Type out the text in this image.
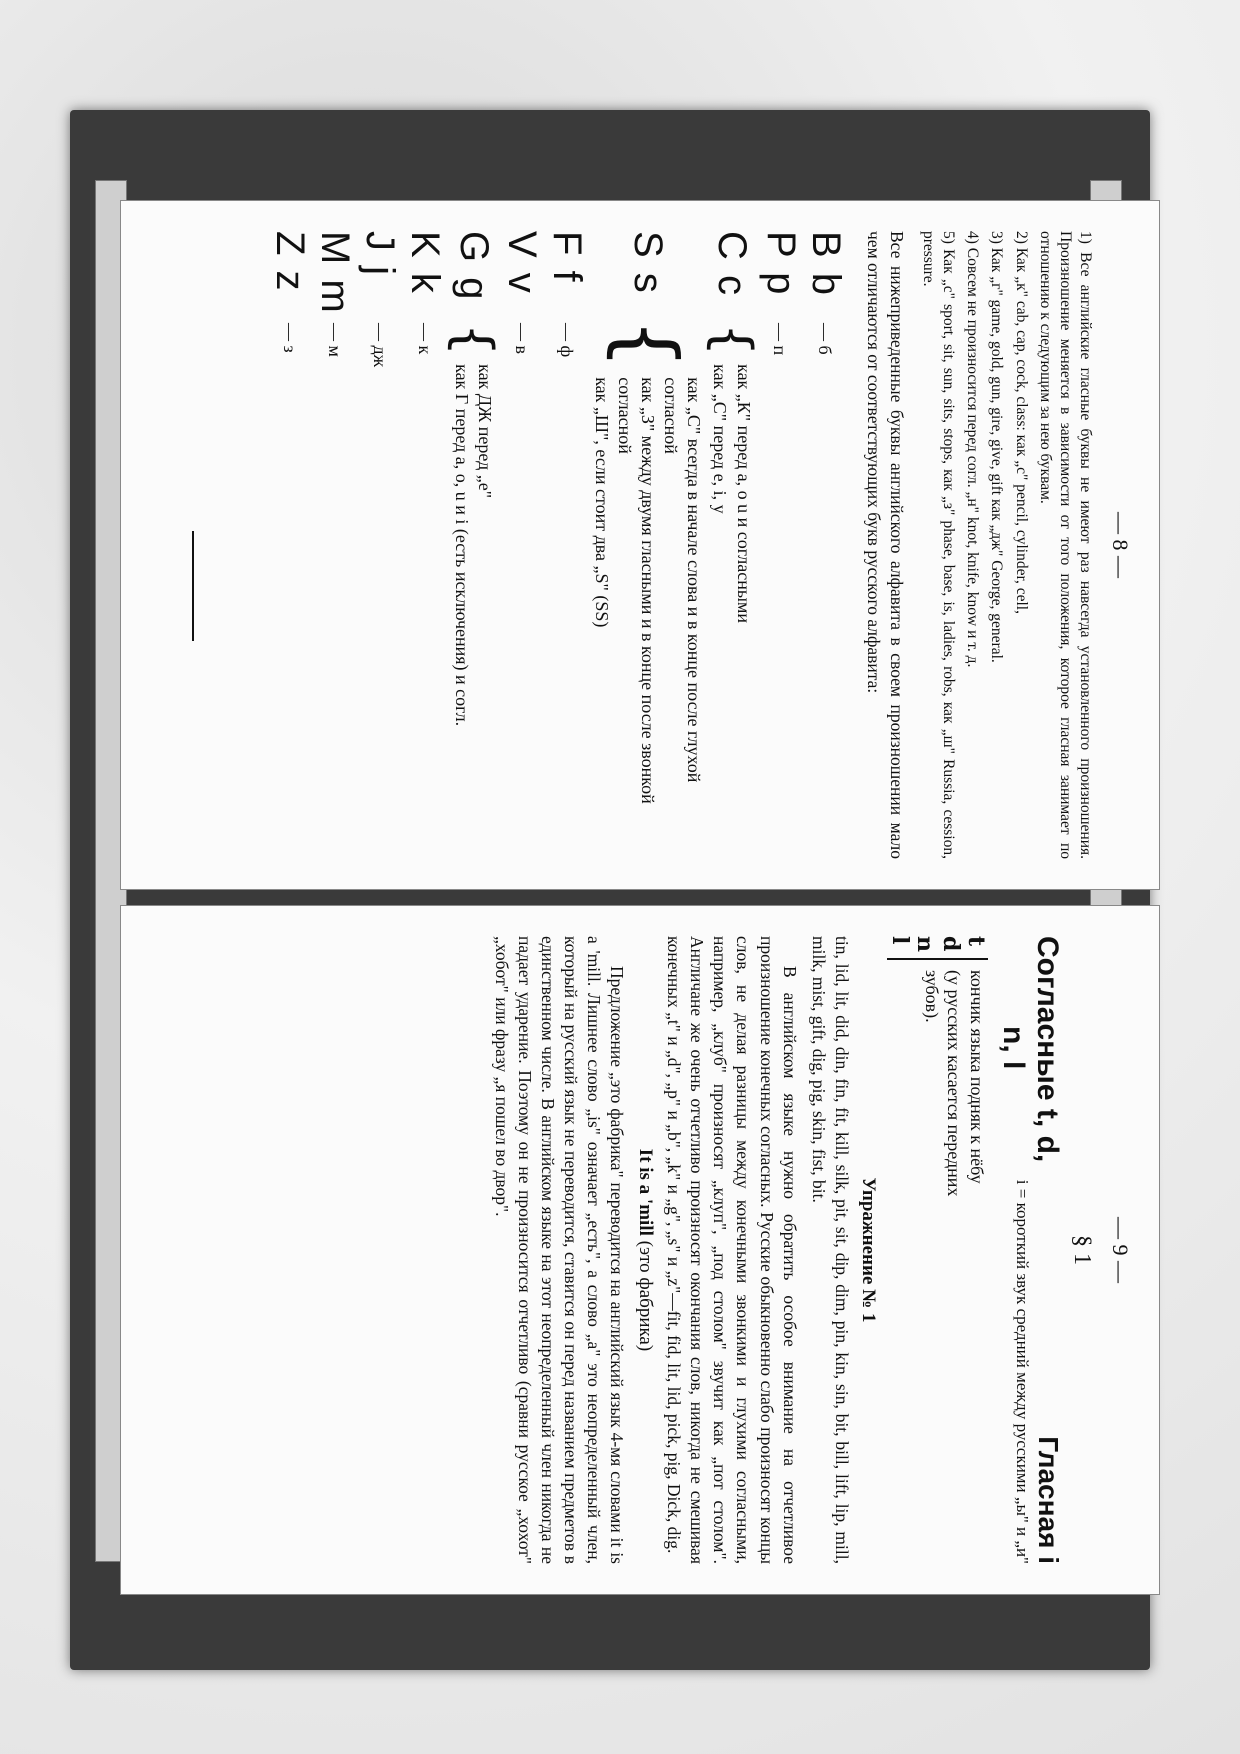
— 8 —

1) Все английские гласные буквы не имеют раз навсегда установленного произношения. Произношение меняется в зависимости от того положения, которое гласная занимает по отношению к следующим за нею буквам.

2) Как „к" cab, cap, cock, class: как „с" pencil, cylinder, cell,

3) Как „г" game, gold, gun, gire, give, gift как „дж" George, general.

4) Совсем не произносится перед согл. „н" knot, knife, know и т. д.

5) Как „с" sport, sit, sun, sits, stops, как „з" phase, base, is, ladies, robs, как „ш" Russia, cession, pressure.

Все нижеприведенные буквы английского алфавита в своем произношении мало чем отличаются от соответствующих букв русского алфавита:

B b
— б
P p
— п
C c
{
как „К" перед a, o u и согласными
как „С" перед e, i, y
S s
{
как „С" всегда в начале слова и в конце после глухой согласной
как „З" между двумя гласными и в конце после звонкой согласной
как „Ш", если стоит два „S" (SS)
F f
— ф
V v
— в
G g
{
как ДЖ перед „e"
как Г перед a, o, u и i (есть исключения) и согл.
K k
— к
J j
— дж
M m
— м
Z z
— з
— 9 —
§ 1
Согласные t, d,
n, l
Гласная i
i = короткий звук средний между русскими „ы" и „и"
t
d
n
l
кончик языка подняк к нёбу (у русских касается передних зубов).
Упражнение № 1

tin, lid, lit, did, din, fin, fit, kill, silk, pit, sit, dip, dim, pin, kin, sin, bit, bill, lift, lip, mill, milk, mist, gift, dig, pig, skin, fist, bit.

В английском языке нужно обратить особое внимание на отчетливое произношение конечных согласных. Русские обыкновенно слабо произносят концы слов, не делая разницы между конечными звонкими и глухими согласными, например, „клуб" произносят „клуп", „под столом" звучит как „пот столом". Англичане же очень отчетливо произносят окончания слов, никогда не смешивая конечных „t" и „d", „p" и „b", „k" и „g", „s" и „z"—fit, fid, lit, lid, pick, pig, Dick, dig.

It is a 'mill (это фабрика)

Предложение „это фабрика" переводится на английский язык 4-мя словами it is a 'mill. Лишнее слово „is" означает „есть", а слово „a" это неопределенный член, который на русский язык не переводится, ставится он перед названием предметов в единственном числе. В английском языке на этот неопределенный член никогда не падает ударение. Поэтому он не произносится отчетливо (сравни русское „хохот" „хобот" или фразу „я пошел во двор".
